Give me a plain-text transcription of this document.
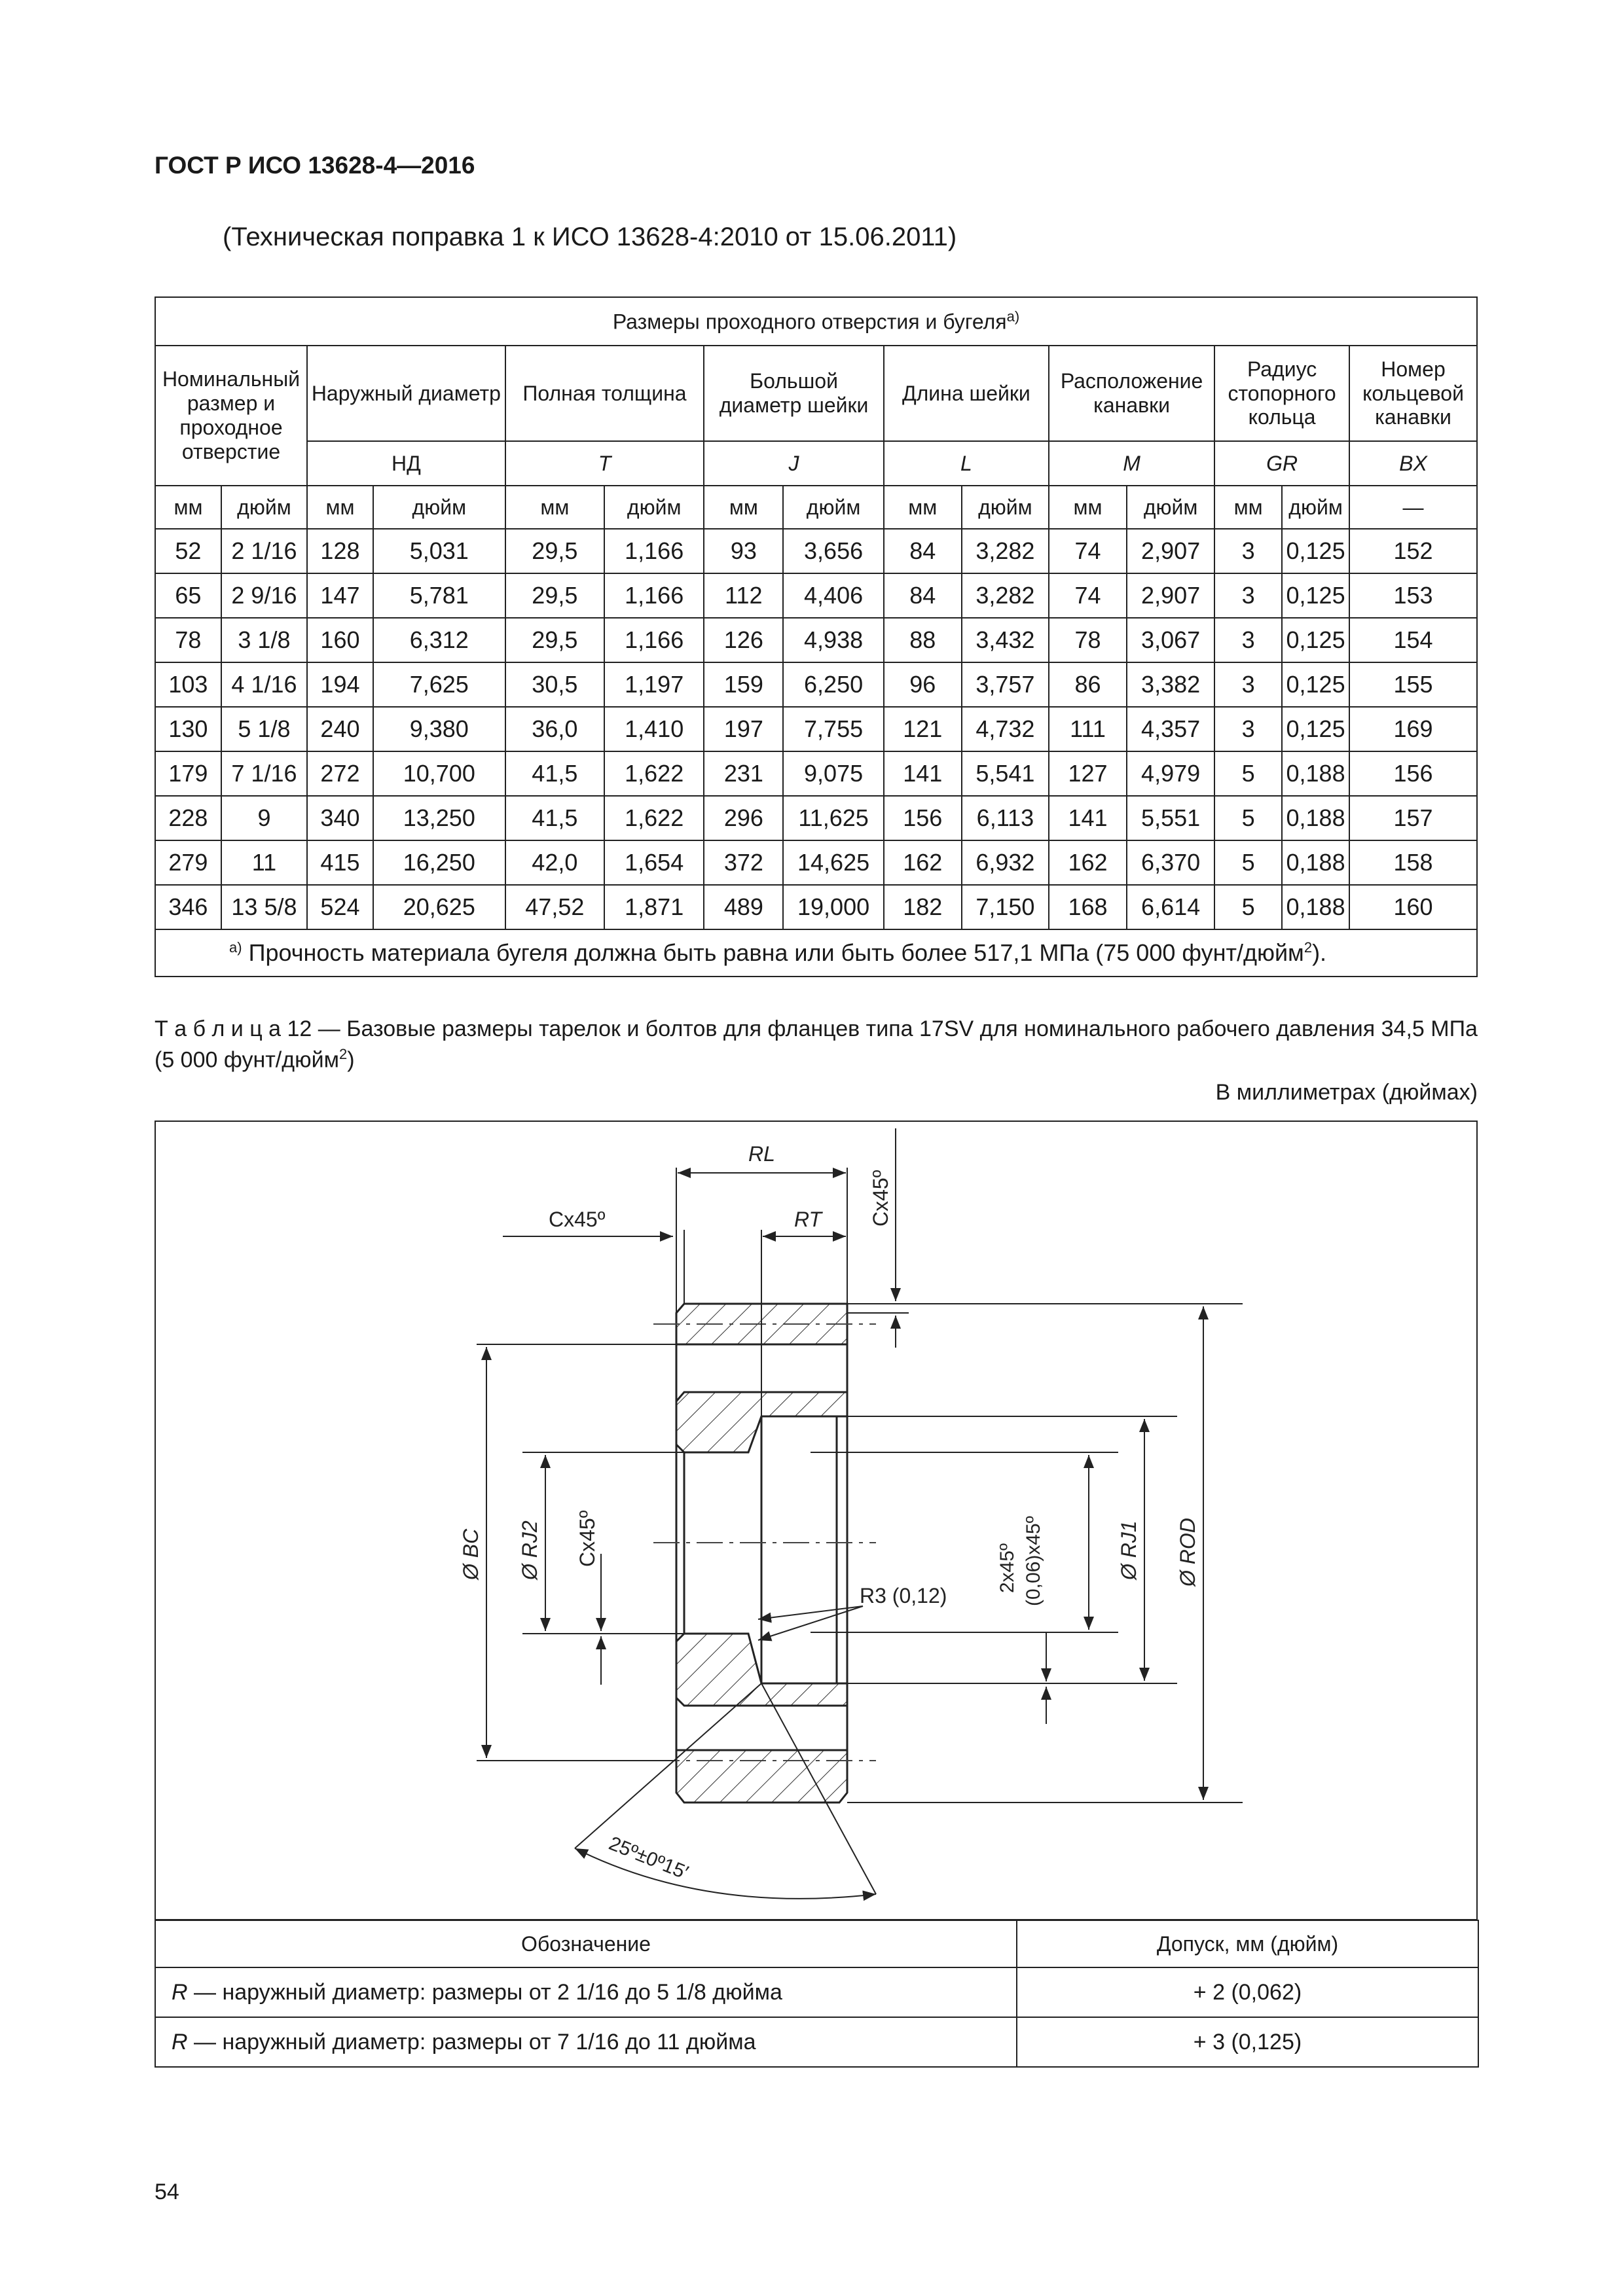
ГОСТ Р ИСО 13628-4—2016
(Техническая поправка 1 к ИСО 13628-4:2010 от 15.06.2011)
Размеры проходного отверстия и бугеля$^{а)}$
Номинальный размер и проходное отверстие		Наружный диаметр		Полная толщина		Большой диаметр шейки		Длина шейки		Расположение канавки		Радиус стопорного кольца		Номер кольцевой канавки
		НД		T		J		L		M		GR		BX
мм	дюйм	мм	дюйм	мм	дюйм	мм	дюйм	мм	дюйм	мм	дюйм	мм	дюйм	—
52	2 1/16	128	5,031	29,5	1,166	93	3,656	84	3,282	74	2,907	3	0,125	152
65	2 9/16	147	5,781	29,5	1,166	112	4,406	84	3,282	74	2,907	3	0,125	153
78	3 1/8	160	6,312	29,5	1,166	126	4,938	88	3,432	78	3,067	3	0,125	154
103	4 1/16	194	7,625	30,5	1,197	159	6,250	96	3,757	86	3,382	3	0,125	155
130	5 1/8	240	9,380	36,0	1,410	197	7,755	121	4,732	111	4,357	3	0,125	169
179	7 1/16	272	10,700	41,5	1,622	231	9,075	141	5,541	127	4,979	5	0,188	156
228	9	340	13,250	41,5	1,622	296	11,625	156	6,113	141	5,551	5	0,188	157
279	11	415	16,250	42,0	1,654	372	14,625	162	6,932	162	6,370	5	0,188	158
346	13 5/8	524	20,625	47,52	1,871	489	19,000	182	7,150	168	6,614	5	0,188	160
$^{а)}$ Прочность материала бугеля должна быть равна или быть более 517,1 МПа (75 000 фунт/дюйм$^2$).														
Т а б л и ц а 12 — Базовые размеры тарелок и болтов для фланцев типа 17SV для номинального рабочего давления 34,5 МПа (5 000 фунт/дюйм$^2$)
В миллиметрах (дюймах)
RL
RT
Cx45º	Cx45º
Cx45º
Ø BC Ø RJ2	Ø RJ1 Ø ROD
R3 (0,12)
2x45º (0,06)x45º
25º±0º15′
Обозначение	Допуск, мм (дюйм)
R — наружный диаметр: размеры от 2 1/16 до 5 1/8 дюйма	+ 2 (0,062)
R — наружный диаметр: размеры от 7 1/16 до 11 дюйма	+ 3 (0,125)
54
